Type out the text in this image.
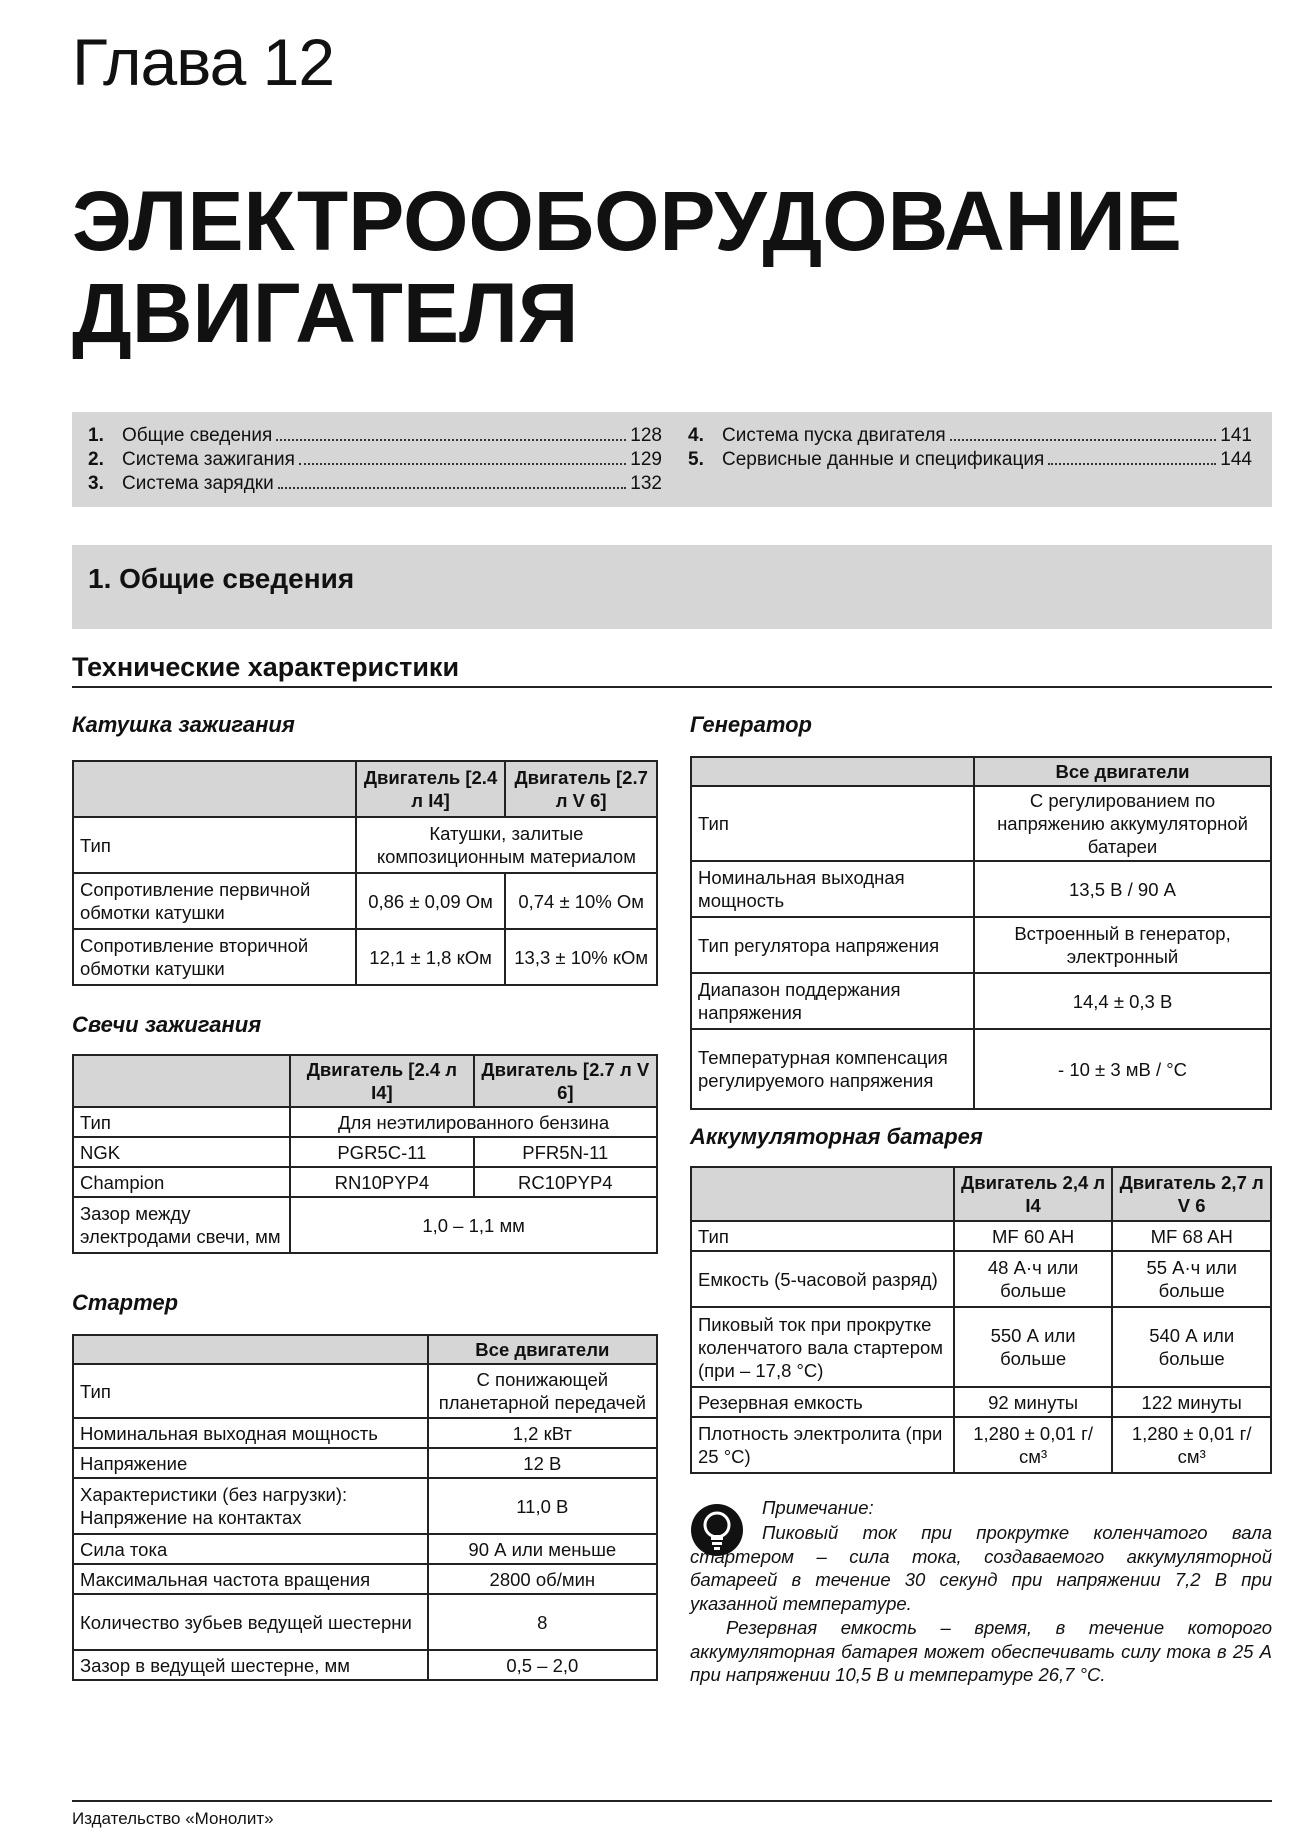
Глава 12
ЭЛЕКТРООБОРУДОВАНИЕ
ДВИГАТЕЛЯ
1. Общие сведения	128
2. Система зажигания	129
3. Система зарядки	132
4. Система пуска двигателя	141
5. Сервисные данные и спецификация	144
1. Общие сведения
Технические характеристики
Катушка зажигания
	Двигатель [2.4 л I4]	Двигатель [2.7 л V 6]
Тип	Катушки, залитые композиционным материалом	
Сопротивление первичной обмотки катушки	0,86 ± 0,09 Ом	0,74 ± 10% Ом
Сопротивление вторичной обмотки катушки	12,1 ± 1,8 кОм	13,3 ± 10% кОм
Свечи зажигания
	Двигатель [2.4 л I4]	Двигатель [2.7 л V 6]
Тип	Для неэтилированного бензина	
NGK	PGR5C-11	PFR5N-11
Champion	RN10PYP4	RC10PYP4
Зазор между электродами свечи, мм	1,0 – 1,1 мм	
Стартер
	Все двигатели
Тип	С понижающей планетарной передачей
Номинальная выходная мощность	1,2 кВт
Напряжение	12 В
Характеристики (без нагрузки): Напряжение на контактах	11,0 В
Сила тока	90 А или меньше
Максимальная частота вращения	2800 об/мин
Количество зубьев ведущей шестерни	8
Зазор в ведущей шестерне, мм	0,5 – 2,0
Генератор
	Все двигатели
Тип	С регулированием по напряжению аккумуляторной батареи
Номинальная выходная мощность	13,5 В / 90 А
Тип регулятора напряжения	Встроенный в генератор, электронный
Диапазон поддержания напряжения	14,4 ± 0,3 В
Температурная компенсация регулируемого напряжения	- 10 ± 3 мВ / °С
Аккумуляторная батарея
	Двигатель 2,4 л I4	Двигатель 2,7 л V 6
Тип	MF 60 AH	MF 68 AH
Емкость (5-часовой разряд)	48 А·ч или больше	55 А·ч или больше
Пиковый ток при прокрутке коленчатого вала стартером (при – 17,8 °С)	550 А или больше	540 А или больше
Резервная емкость	92 минуты	122 минуты
Плотность электролита (при 25 °С)	1,280 ± 0,01 г/см³	1,280 ± 0,01 г/см³
Примечание:
Пиковый ток при прокрутке коленчатого вала стартером – сила тока, создаваемого аккумуляторной батареей в течение 30 секунд при напряжении 7,2 В при указанной температуре.
Резервная емкость – время, в течение которого аккумуляторная батарея может обеспечивать силу тока в 25 А при напряжении 10,5 В и температуре 26,7 °С.
Издательство «Монолит»
